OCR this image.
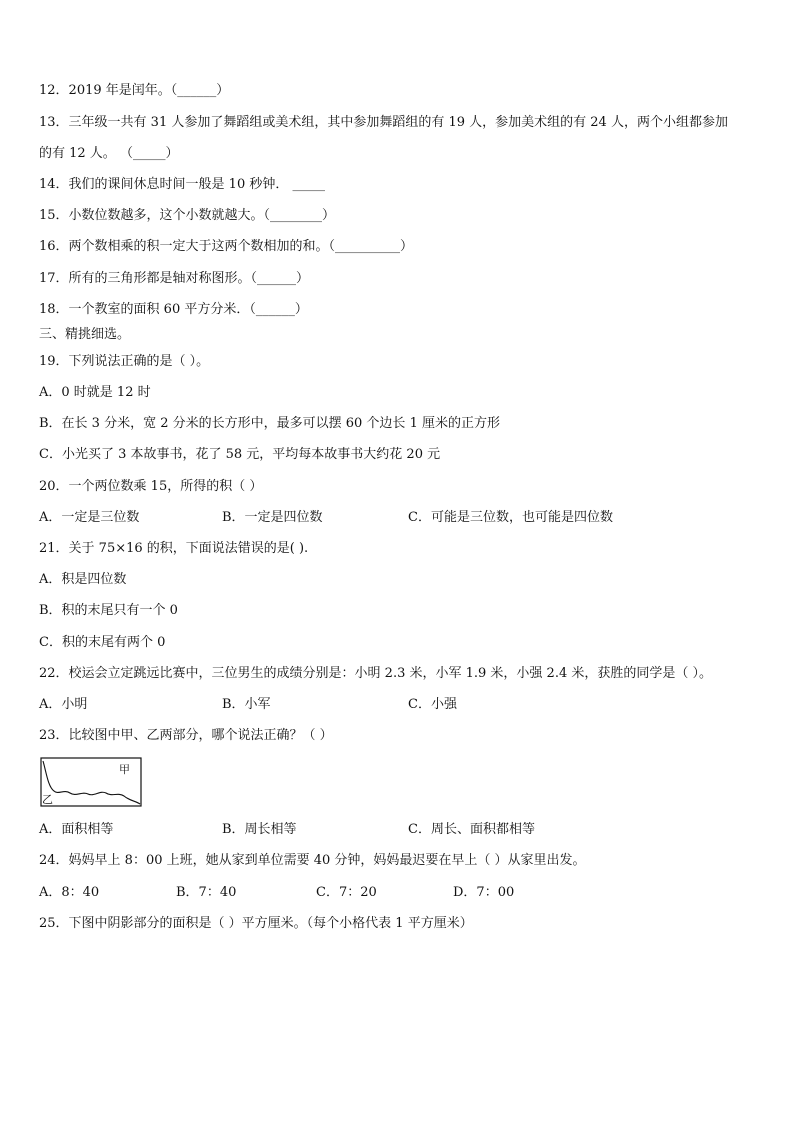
12．2019 年是闰年。（______）
13．三年级一共有 31 人参加了舞蹈组或美术组，其中参加舞蹈组的有 19 人，参加美术组的有 24 人，两个小组都参加
的有 12 人。 （_____）
14．我们的课间休息时间一般是 10 秒钟． _____
15．小数位数越多，这个小数就越大。（________）
16．两个数相乘的积一定大于这两个数相加的和。（__________）
17．所有的三角形都是轴对称图形。（______）
18．一个教室的面积 60 平方分米．（______）
三、精挑细选。
19．下列说法正确的是（ ）。
A．0 时就是 12 时
B．在长 3 分米，宽 2 分米的长方形中，最多可以摆 60 个边长 1 厘米的正方形
C．小光买了 3 本故事书，花了 58 元，平均每本故事书大约花 20 元
20．一个两位数乘 15，所得的积（ ）
A．一定是三位数	B．一定是四位数	C．可能是三位数，也可能是四位数
21．关于 75×16 的积，下面说法错误的是( ).
A．积是四位数
B．积的末尾只有一个 0
C．积的末尾有两个 0
22．校运会立定跳远比赛中，三位男生的成绩分别是：小明 2.3 米，小军 1.9 米，小强 2.4 米，获胜的同学是（ ）。
A．小明	B．小军	C．小强
23．比较图中甲、乙两部分，哪个说法正确？（ ）
甲
乙
A．面积相等	B．周长相等	C．周长、面积都相等
24．妈妈早上 8：00 上班，她从家到单位需要 40 分钟，妈妈最迟要在早上（ ）从家里出发。
A．8：40	B．7：40	C．7：20	D．7：00
25．下图中阴影部分的面积是（ ）平方厘米。（每个小格代表 1 平方厘米）
